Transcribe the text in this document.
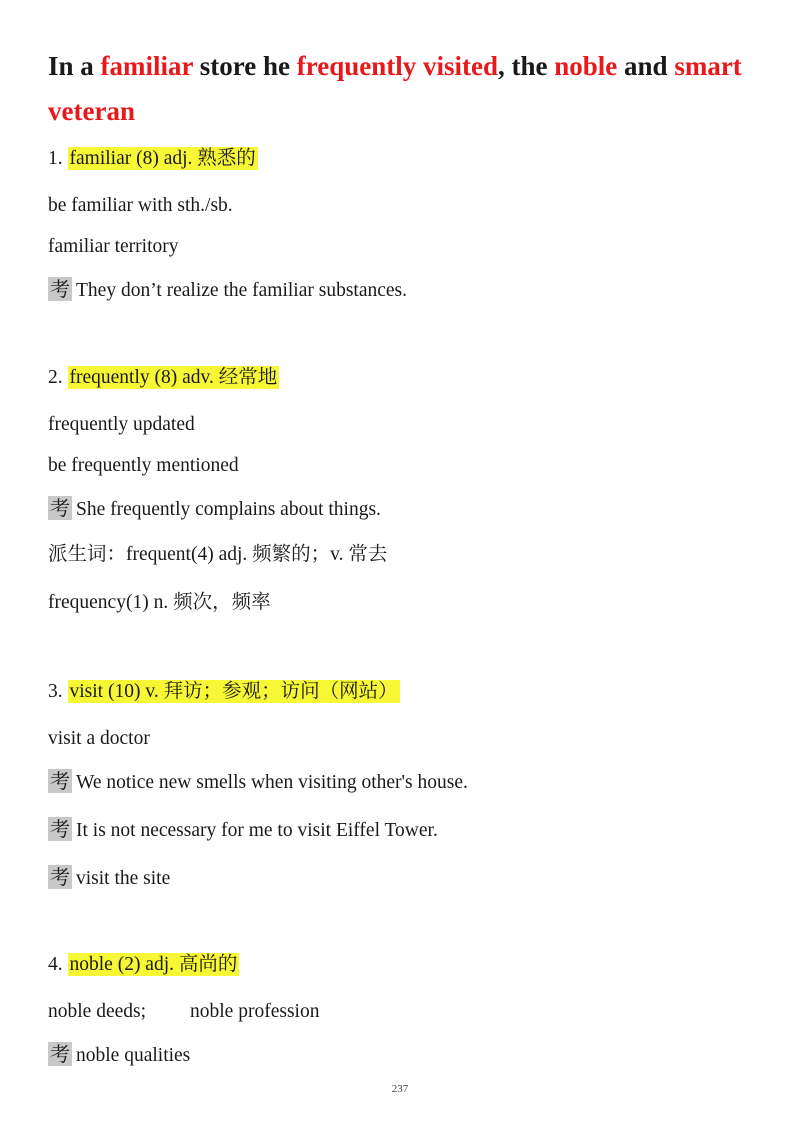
In a familiar store he frequently visited, the noble and smart
veteran
1. familiar (8) adj. 熟悉的
be familiar with sth./sb.
familiar territory
考 They don’t realize the familiar substances.
2. frequently (8) adv. 经常地
frequently updated
be frequently mentioned
考 She frequently complains about things.
派生词：frequent(4) adj. 频繁的；v. 常去
frequency(1) n. 频次，频率
3. visit (10) v. 拜访；参观；访问（网站）
visit a doctor
考 We notice new smells when visiting other's house.
考 It is not necessary for me to visit Eiffel Tower.
考 visit the site
4. noble (2) adj. 高尚的
noble deeds; noble profession
考 noble qualities
237
